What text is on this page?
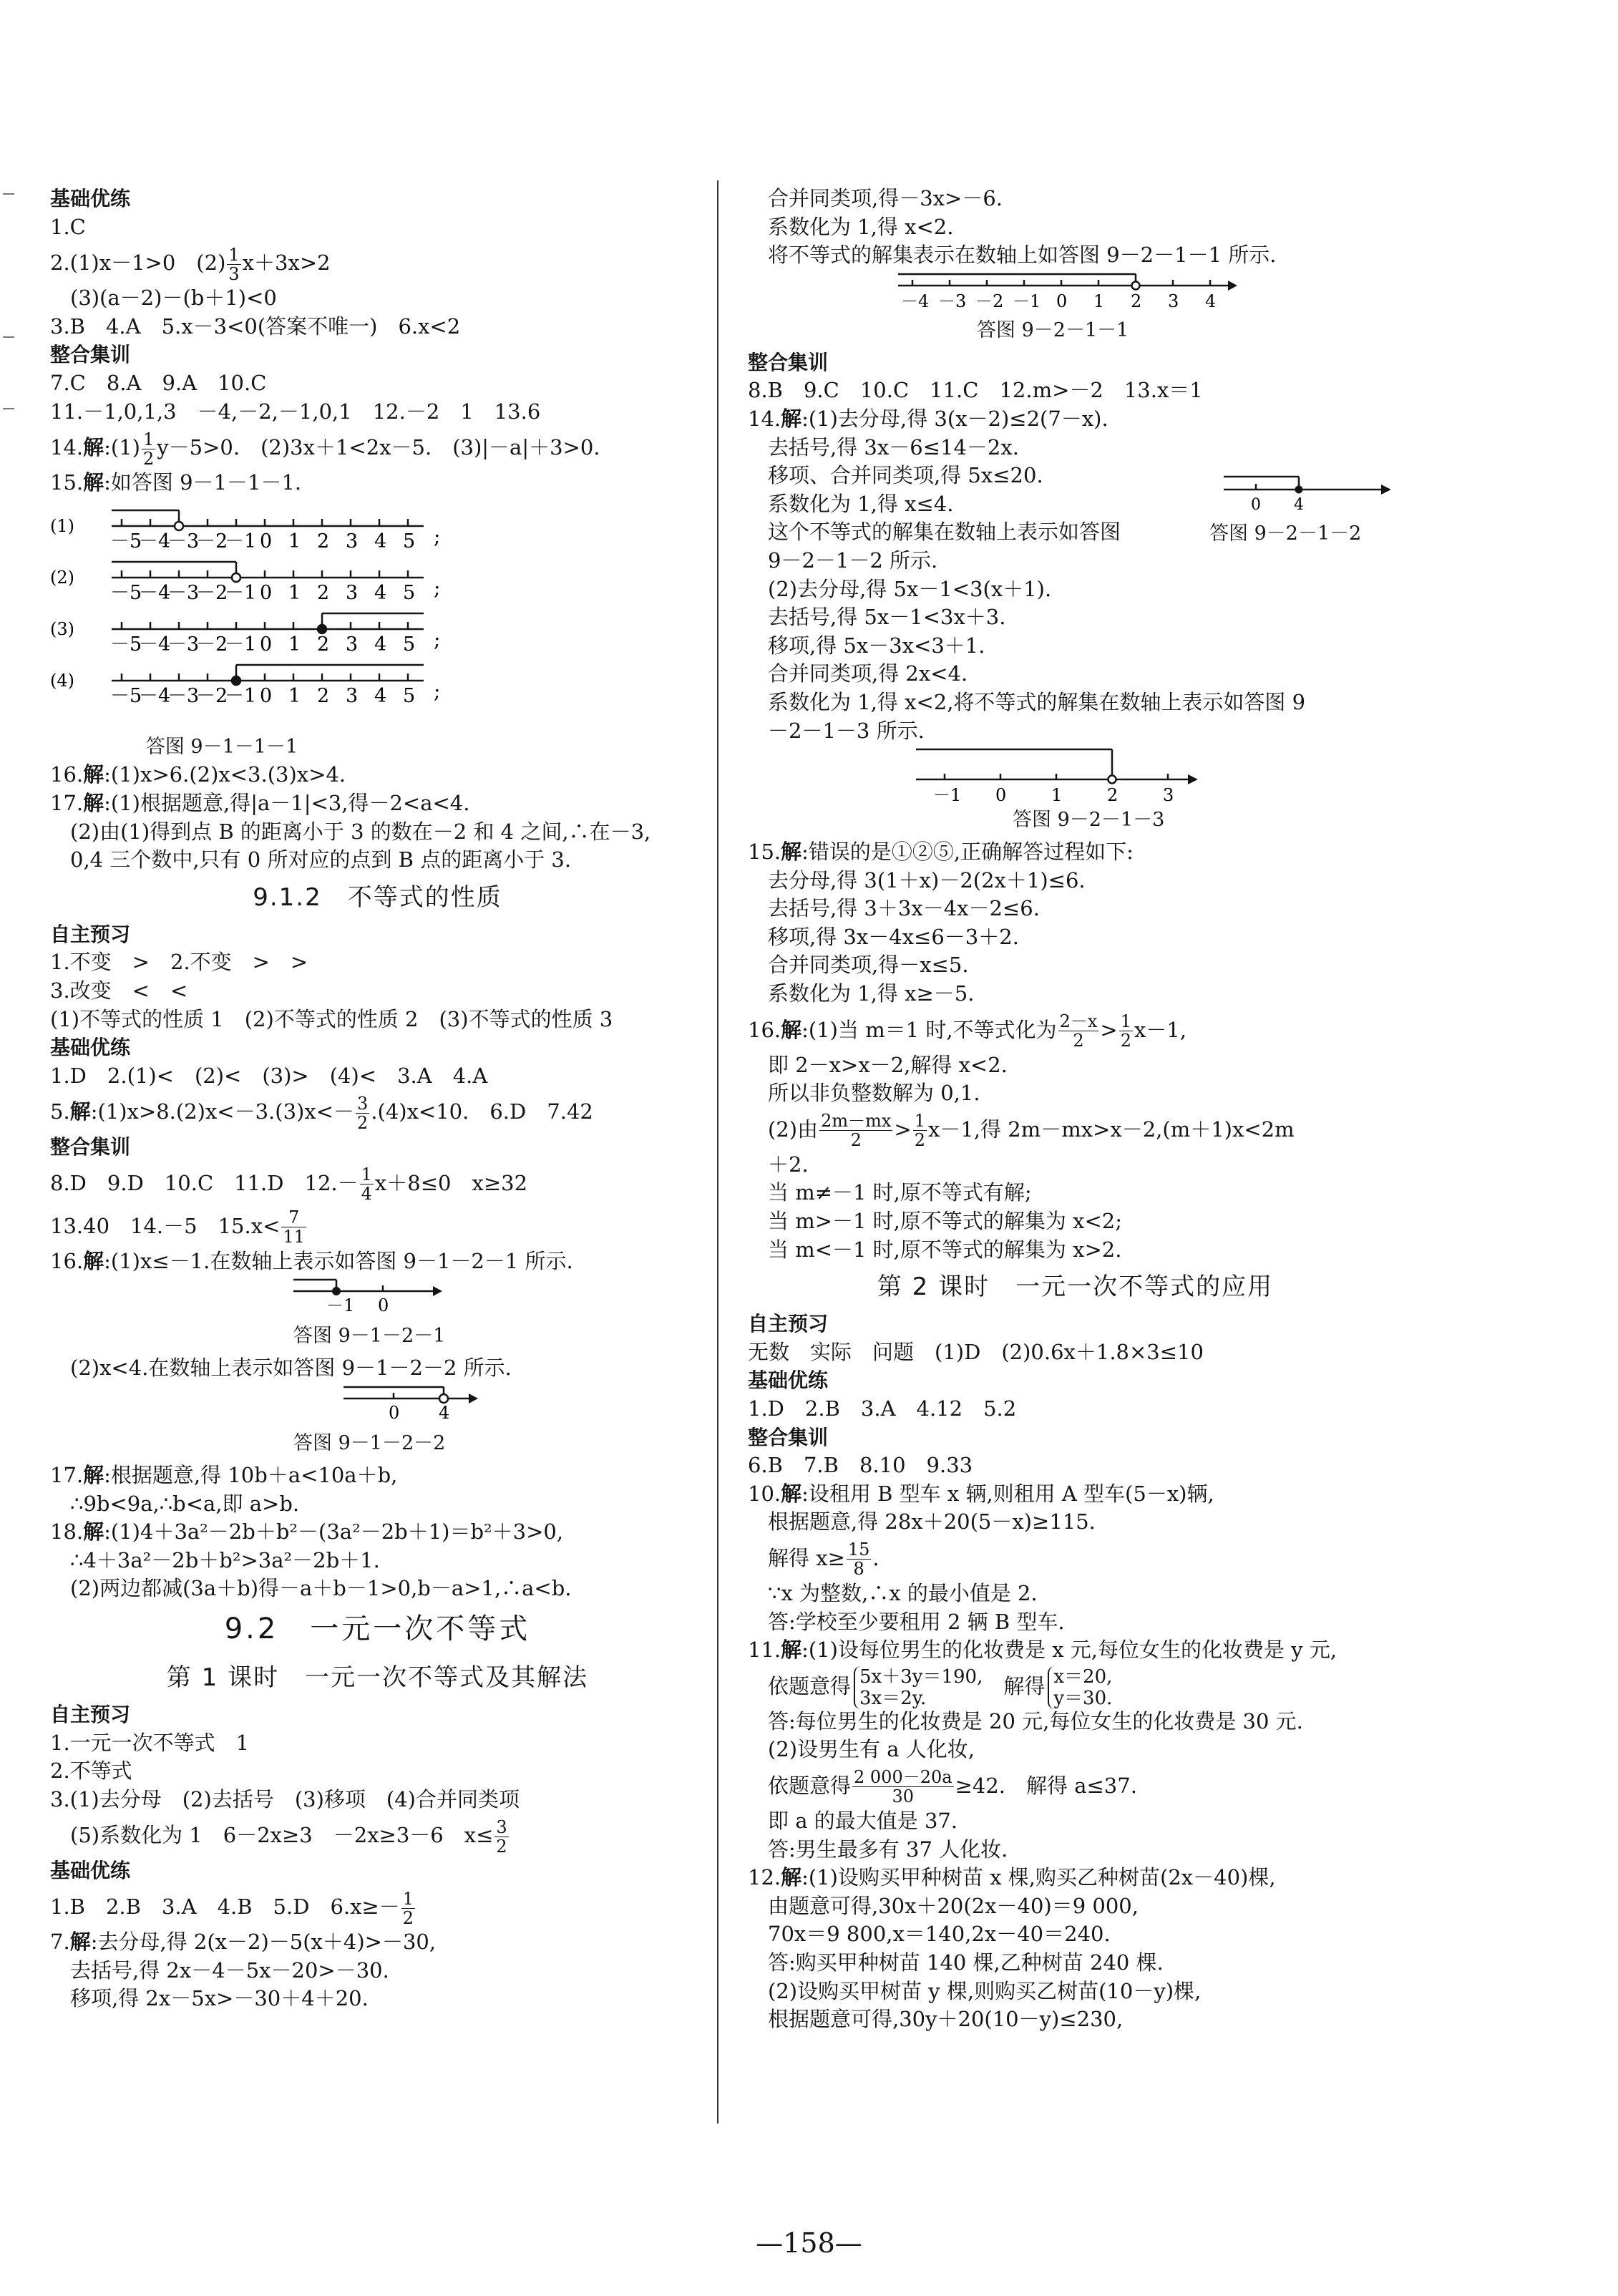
基础优练
1.C
2.(1)x－1>0　$(2) \frac{1}{3} x+3x>2$
(3)(a－2)－(b＋1)<0
3.B　4.A　5.x－3<0(答案不唯一)　6.x<2
整合集训
7.C　8.A　9.A　10.C
11.－1,0,1,3　－4,－2,－1,0,1　12.－2　1　13.6
14.解:(1) $\frac{1}{2} y-5>0$.　(2)3x＋1<2x－5.　(3)|－a|＋3>0.
15.解:如答图 9－1－1－1.
(1)
－5
－4
－3
－2
－1 0 1 2 3 4 5 ;
(2)
－5
－4
－3
－2
－1 0 1 2 3 4 5 ;
(3)
－5
－4
－3
－2
－1 0 1 2 3 4 5 ;
(4)
－5
－4
－3
－2
－1 0 1 2 3 4 5 ;
答图 9－1－1－1
16.解:(1)x>6.(2)x<3.(3)x>4.
17.解:(1)根据题意,得|a－1|<3,得－2<a<4.
(2)由(1)得到点 B 的距离小于 3 的数在－2 和 4 之间,∴在－3,
0,4 三个数中,只有 0 所对应的点到 B 点的距离小于 3.
9.1.2　不等式的性质
自主预习
1.不变　>　2.不变　>　>
3.改变　<　<
(1)不等式的性质 1　(2)不等式的性质 2　(3)不等式的性质 3
基础优练
1.D　2.(1)<　(2)<　(3)>　(4)<　3.A　4.A
5.解:(1)x>8.(2)x<－3.(3)x<－ $\frac{3}{2} .(4)x<10$.　6.D　7.42
整合集训
8.D　9.D　10.C　11.D　$12.- \frac{1}{4} x+8\le 0$　x≥32
13.40　14.－5　$15.x< \frac{7}{11}$
16.解:(1)x≤－1.在数轴上表示如答图 9－1－2－1 所示.
－1 0
答图 9－1－2－1
(2)x<4.在数轴上表示如答图 9－1－2－2 所示.
0 4
答图 9－1－2－2
17.解:根据题意,得 10b＋a<10a＋b,
∴9b<9a,∴b<a,即 a>b.
18.解:(1)4＋3a²－2b＋b²－(3a²－2b＋1)＝b²＋3>0,
∴4＋3a²－2b＋b²>3a²－2b＋1.
(2)两边都减(3a＋b)得－a＋b－1>0,b－a>1,∴a<b.
9.2　一元一次不等式
第 1 课时　一元一次不等式及其解法
自主预习
1.一元一次不等式　1
2.不等式
3.(1)去分母　(2)去括号　(3)移项　(4)合并同类项
(5)系数化为 1　6－2x≥3　－2x≥3－6　$x\le \frac{3}{2}$
基础优练
1.B　2.B　3.A　4.B　5.D　$6.x\ge- \frac{1}{2}$
7.解:去分母,得 2(x－2)－5(x＋4)>－30,
去括号,得 2x－4－5x－20>－30.
移项,得 2x－5x>－30＋4＋20.
合并同类项,得－3x>－6.
系数化为 1,得 x<2.
将不等式的解集表示在数轴上如答图 9－2－1－1 所示.
－4 －3 －2 －1 0 1 2 3 4
答图 9－2－1－1
整合集训
8.B　9.C　10.C　11.C　12.m>－2　13.x＝1
14.解:(1)去分母,得 3(x－2)≤2(7－x).
去括号,得 3x－6≤14－2x.
移项、合并同类项,得 5x≤20.
系数化为 1,得 x≤4.	0 4
答图 9－2－1－2
这个不等式的解集在数轴上表示如答图
9－2－1－2 所示.
(2)去分母,得 5x－1<3(x＋1).
去括号,得 5x－1<3x＋3.
移项,得 5x－3x<3＋1.
合并同类项,得 2x<4.
系数化为 1,得 x<2,将不等式的解集在数轴上表示如答图 9
－2－1－3 所示.
－1 0	1	2	3
答图 9－2－1－3
15.解:错误的是①②⑤,正确解答过程如下:
去分母,得 3(1＋x)－2(2x＋1)≤6.
去括号,得 3＋3x－4x－2≤6.
移项,得 3x－4x≤6－3＋2.
合并同类项,得－x≤5.
系数化为 1,得 x≥－5.
16.解:(1)当 m＝1 时,不等式化为 $\frac{2-x}{2} > \frac{1}{2} x-1$,
即 2－x>x－2,解得 x<2.
所以非负整数解为 0,1.
(2)由 $\frac{2m-mx}{2} > \frac{1}{2} x-1$,得 2m－mx>x－2,(m＋1)x<2m
＋2.
当 m≠－1 时,原不等式有解;
当 m>－1 时,原不等式的解集为 x<2;
当 m<－1 时,原不等式的解集为 x>2.
第 2 课时　一元一次不等式的应用
自主预习
无数　实际　问题　(1)D　(2)0.6x＋1.8×3≤10
基础优练
1.D　2.B　3.A　4.12　5.2
整合集训
6.B　7.B　8.10　9.33
10.解:设租用 B 型车 x 辆,则租用 A 型车(5－x)辆,
根据题意,得 28x＋20(5－x)≥115.
解得 $x\ge \frac{15}{8}$ .
∵x 为整数,∴x 的最小值是 2.
答:学校至少要租用 2 辆 B 型车.
11.解:(1)设每位男生的化妆费是 x 元,每位女生的化妆费是 y 元,
依题意得 5x＋3y＝190,
3x＝2y.	　解得 x＝20,
y＝30.
答:每位男生的化妆费是 20 元,每位女生的化妆费是 30 元.
(2)设男生有 a 人化妆,
依题意得 $\frac{2 000-20a}{30} \ge 42$.　解得 a≤37.
即 a 的最大值是 37.
答:男生最多有 37 人化妆.
12.解:(1)设购买甲种树苗 x 棵,购买乙种树苗(2x－40)棵,
由题意可得,30x＋20(2x－40)＝9 000,
70x＝9 800,x＝140,2x－40＝240.
答:购买甲种树苗 140 棵,乙种树苗 240 棵.
(2)设购买甲树苗 y 棵,则购买乙树苗(10－y)棵,
根据题意可得,30y＋20(10－y)≤230,
—158—
